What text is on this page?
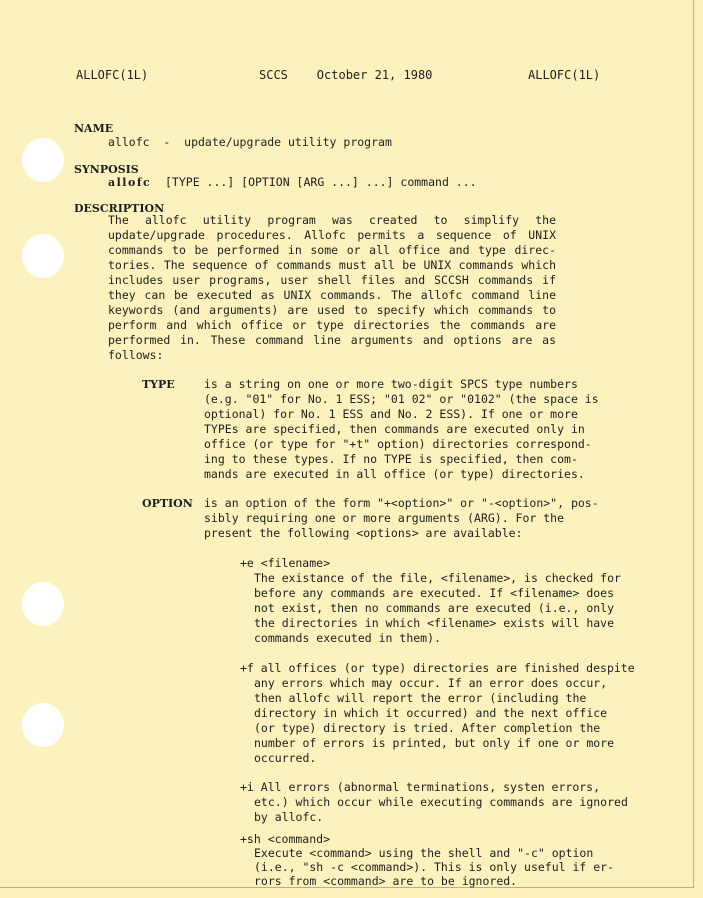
ALLOFC(1L)	SCCS    October 21, 1980	ALLOFC(1L)
NAME
allofc  -  update/upgrade utility program
SYNPOSIS
allofc [TYPE ...] [OPTION [ARG ...] ...] command ...
DESCRIPTION
The allofc utility program was created to simplify the
update/upgrade procedures. Allofc permits a sequence of UNIX
commands to be performed in some or all office and type direc-
tories. The sequence of commands must all be UNIX commands which
includes user programs, user shell files and SCCSH commands if
they can be executed as UNIX commands. The allofc command line
keywords (and arguments) are used to specify which commands to
perform and which office or type directories the commands are
performed in. These command line arguments and options are as
follows:
TYPE	is a string on one or more two-digit SPCS type numbers
(e.g. "01" for No. 1 ESS; "01 02" or "0102" (the space is
optional) for No. 1 ESS and No. 2 ESS). If one or more
TYPEs are specified, then commands are executed only in
office (or type for "+t" option) directories correspond-
ing to these types. If no TYPE is specified, then com-
mands are executed in all office (or type) directories.
OPTION is an option of the form "+<option>" or "-<option>", pos-
sibly requiring one or more arguments (ARG). For the
present the following <options> are available:
+e <filename>
The existance of the file, <filename>, is checked for
before any commands are executed. If <filename> does
not exist, then no commands are executed (i.e., only
the directories in which <filename> exists will have
commands executed in them).
+f all offices (or type) directories are finished despite
any errors which may occur. If an error does occur,
then allofc will report the error (including the
directory in which it occurred) and the next office
(or type) directory is tried. After completion the
number of errors is printed, but only if one or more
occurred.
+i All errors (abnormal terminations, systen errors,
etc.) which occur while executing commands are ignored
by allofc.
+sh <command>
Execute <command> using the shell and "-c" option
(i.e., "sh -c <command>). This is only useful if er-
rors from <command> are to be ignored.
